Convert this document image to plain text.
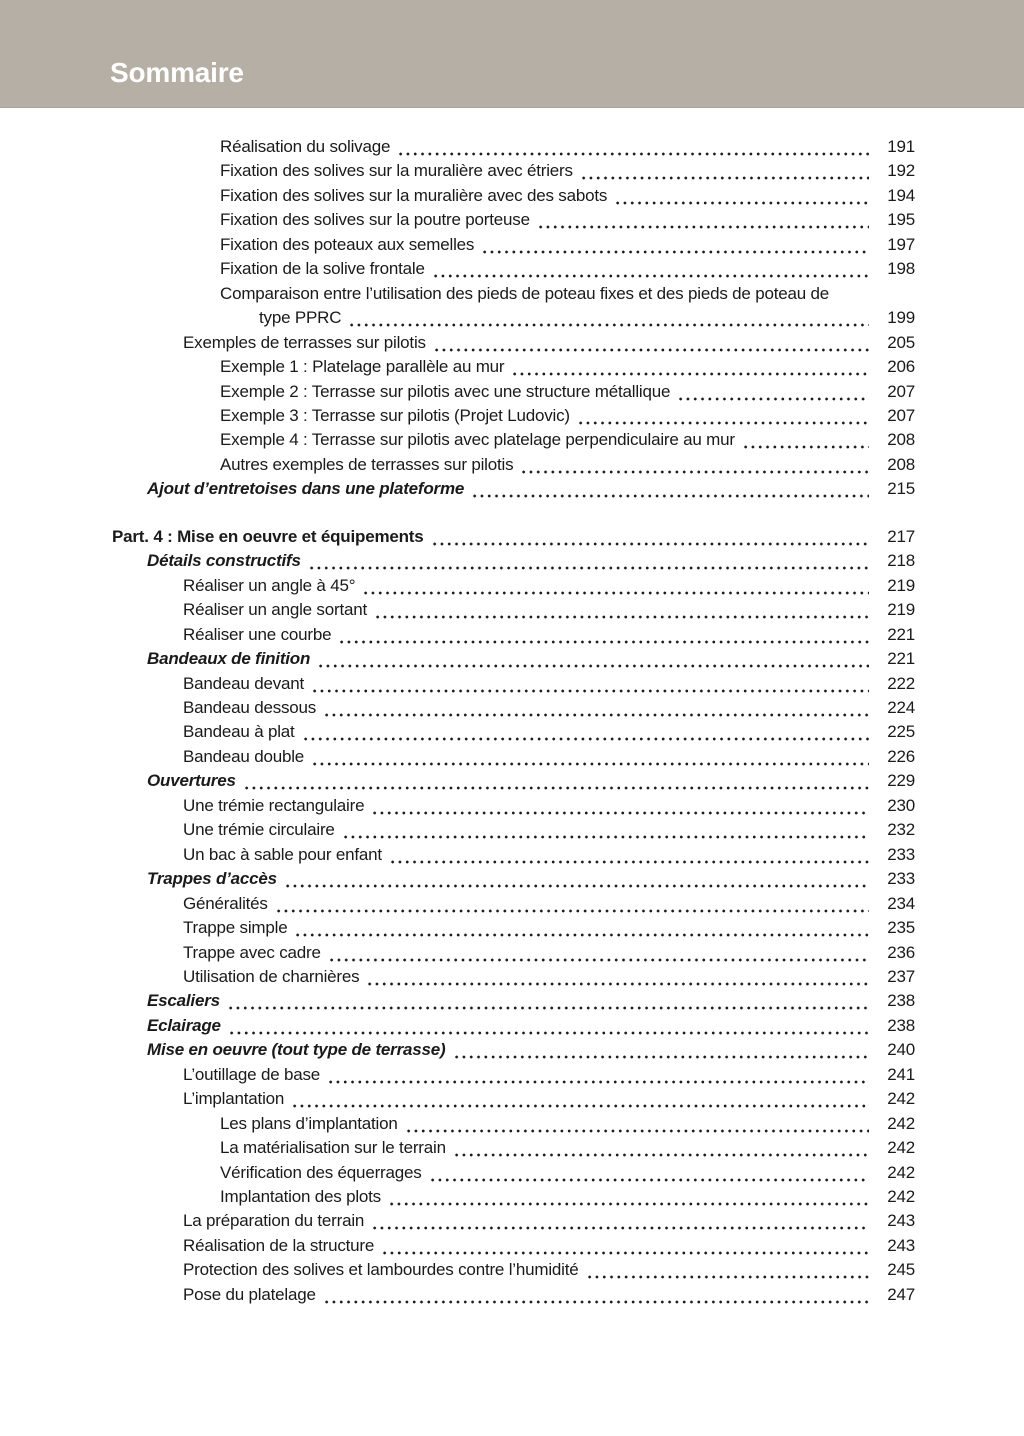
Sommaire
Réalisation du solivage	191
Fixation des solives sur la muralière avec étriers	192
Fixation des solives sur la muralière avec des sabots	194
Fixation des solives sur la poutre porteuse	195
Fixation des poteaux aux semelles	197
Fixation de la solive frontale	198
Comparaison entre l’utilisation des pieds de poteau fixes et des pieds de poteau de
type PPRC	199
Exemples de terrasses sur pilotis	205
Exemple 1 : Platelage parallèle au mur	206
Exemple 2 : Terrasse sur pilotis avec une structure métallique	207
Exemple 3 : Terrasse sur pilotis (Projet Ludovic)	207
Exemple 4 : Terrasse sur pilotis avec platelage perpendiculaire au mur	208
Autres exemples de terrasses sur pilotis	208
Ajout d’entretoises dans une plateforme	215
Part. 4 : Mise en oeuvre et équipements	217
Détails constructifs	218
Réaliser un angle à 45°	219
Réaliser un angle sortant	219
Réaliser une courbe	221
Bandeaux de finition	221
Bandeau devant	222
Bandeau dessous	224
Bandeau à plat	225
Bandeau double	226
Ouvertures	229
Une trémie rectangulaire	230
Une trémie circulaire	232
Un bac à sable pour enfant	233
Trappes d’accès	233
Généralités	234
Trappe simple	235
Trappe avec cadre	236
Utilisation de charnières	237
Escaliers	238
Eclairage	238
Mise en oeuvre (tout type de terrasse)	240
L’outillage de base	241
L’implantation	242
Les plans d’implantation	242
La matérialisation sur le terrain	242
Vérification des équerrages	242
Implantation des plots	242
La préparation du terrain	243
Réalisation de la structure	243
Protection des solives et lambourdes contre l’humidité	245
Pose du platelage	247
